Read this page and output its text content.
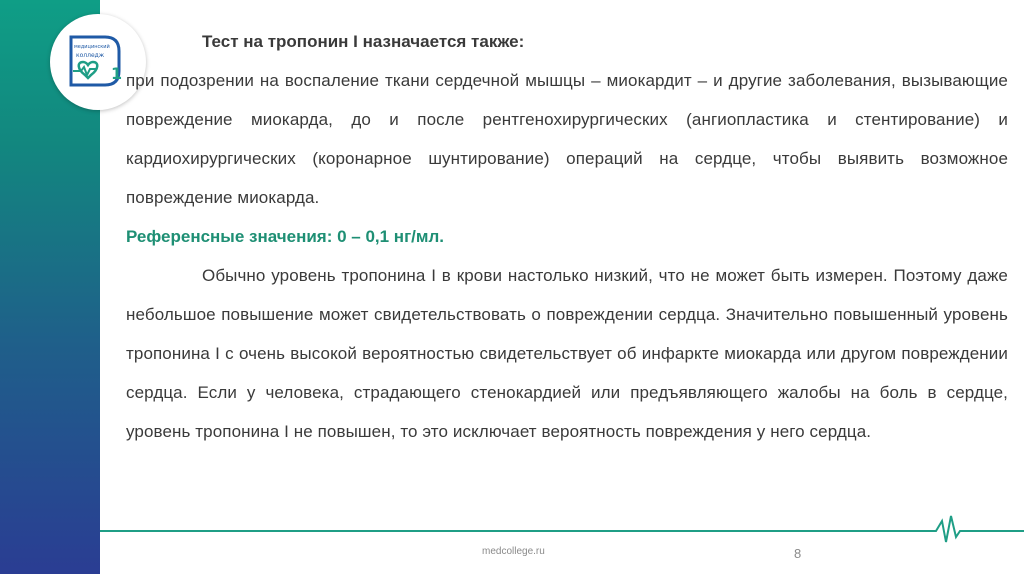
медицинский
колледж
1

Тест на тропонин I назначается также:

при подозрении на воспаление ткани сердечной мышцы – миокардит – и другие заболевания, вызывающие повреждение миокарда, до и после рентгенохирургических (ангиопластика и стентирование) и кардиохирургических (коронарное шунтирование) операций на сердце, чтобы выявить возможное повреждение миокарда.

Референсные значения: 0 – 0,1 нг/мл.

Обычно уровень тропонина I в крови настолько низкий, что не может быть измерен. Поэтому даже небольшое повышение может свидетельствовать о повреждении сердца. Значительно повышенный уровень тропонина I с очень высокой вероятностью свидетельствует об инфаркте миокарда или другом повреждении сердца. Если у человека, страдающего стенокардией или предъявляющего жалобы на боль в сердце, уровень тропонина I не повышен, то это исключает вероятность повреждения у него сердца.

medcollege.ru	8
